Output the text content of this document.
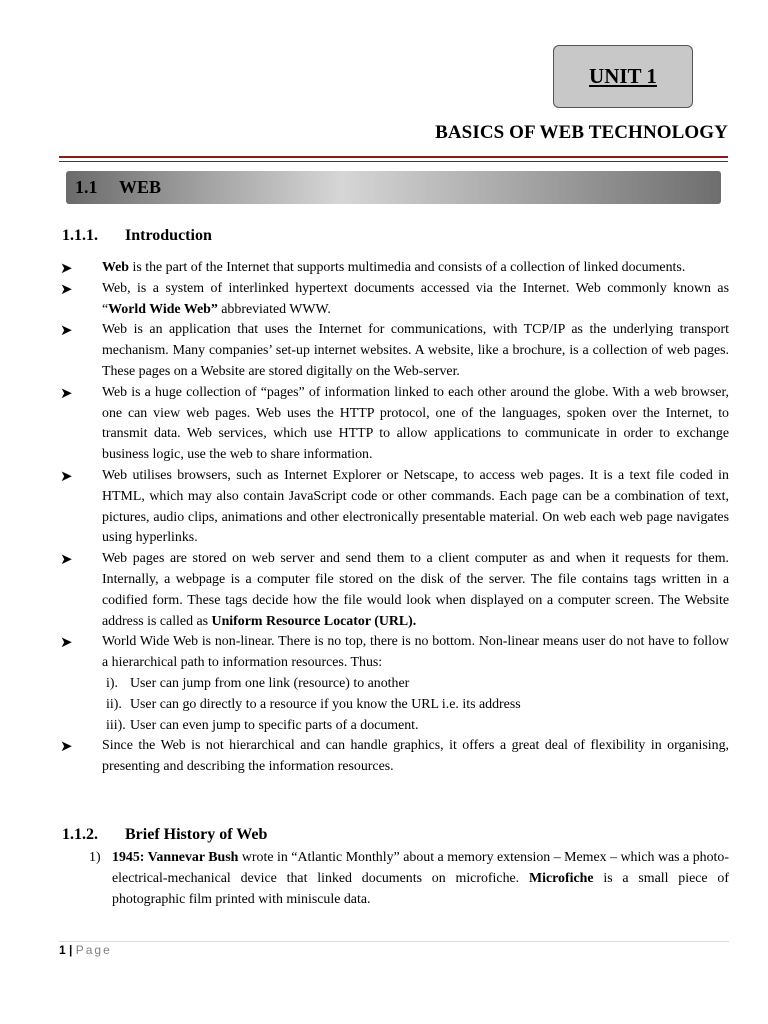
UNIT 1
BASICS OF WEB TECHNOLOGY
1.1	WEB
1.1.1. Introduction
➤ Web is the part of the Internet that supports multimedia and consists of a collection of linked documents.
➤ Web, is a system of interlinked hypertext documents accessed via the Internet. Web commonly known as “World Wide Web” abbreviated WWW.
➤ Web is an application that uses the Internet for communications, with TCP/IP as the underlying transport mechanism. Many companies’ set-up internet websites. A website, like a brochure, is a collection of web pages. These pages on a Website are stored digitally on the Web-server.
➤ Web is a huge collection of “pages” of information linked to each other around the globe. With a web browser, one can view web pages. Web uses the HTTP protocol, one of the languages, spoken over the Internet, to transmit data. Web services, which use HTTP to allow applications to communicate in order to exchange business logic, use the web to share information.
➤ Web utilises browsers, such as Internet Explorer or Netscape, to access web pages. It is a text file coded in HTML, which may also contain JavaScript code or other commands. Each page can be a combination of text, pictures, audio clips, animations and other electronically presentable material. On web each web page navigates using hyperlinks.
➤ Web pages are stored on web server and send them to a client computer as and when it requests for them. Internally, a webpage is a computer file stored on the disk of the server. The file contains tags written in a codified form. These tags decide how the file would look when displayed on a computer screen. The Website address is called as Uniform Resource Locator (URL).
➤ World Wide Web is non-linear. There is no top, there is no bottom. Non-linear means user do not have to follow a hierarchical path to information resources. Thus:
i). User can jump from one link (resource) to another
ii). User can go directly to a resource if you know the URL i.e. its address
iii). User can even jump to specific parts of a document.
➤ Since the Web is not hierarchical and can handle graphics, it offers a great deal of flexibility in organising, presenting and describing the information resources.
1.1.2. Brief History of Web
1) 1945: Vannevar Bush wrote in “Atlantic Monthly” about a memory extension – Memex – which was a photo-electrical-mechanical device that linked documents on microfiche. Microfiche is a small piece of photographic film printed with miniscule data.
1 | Page
